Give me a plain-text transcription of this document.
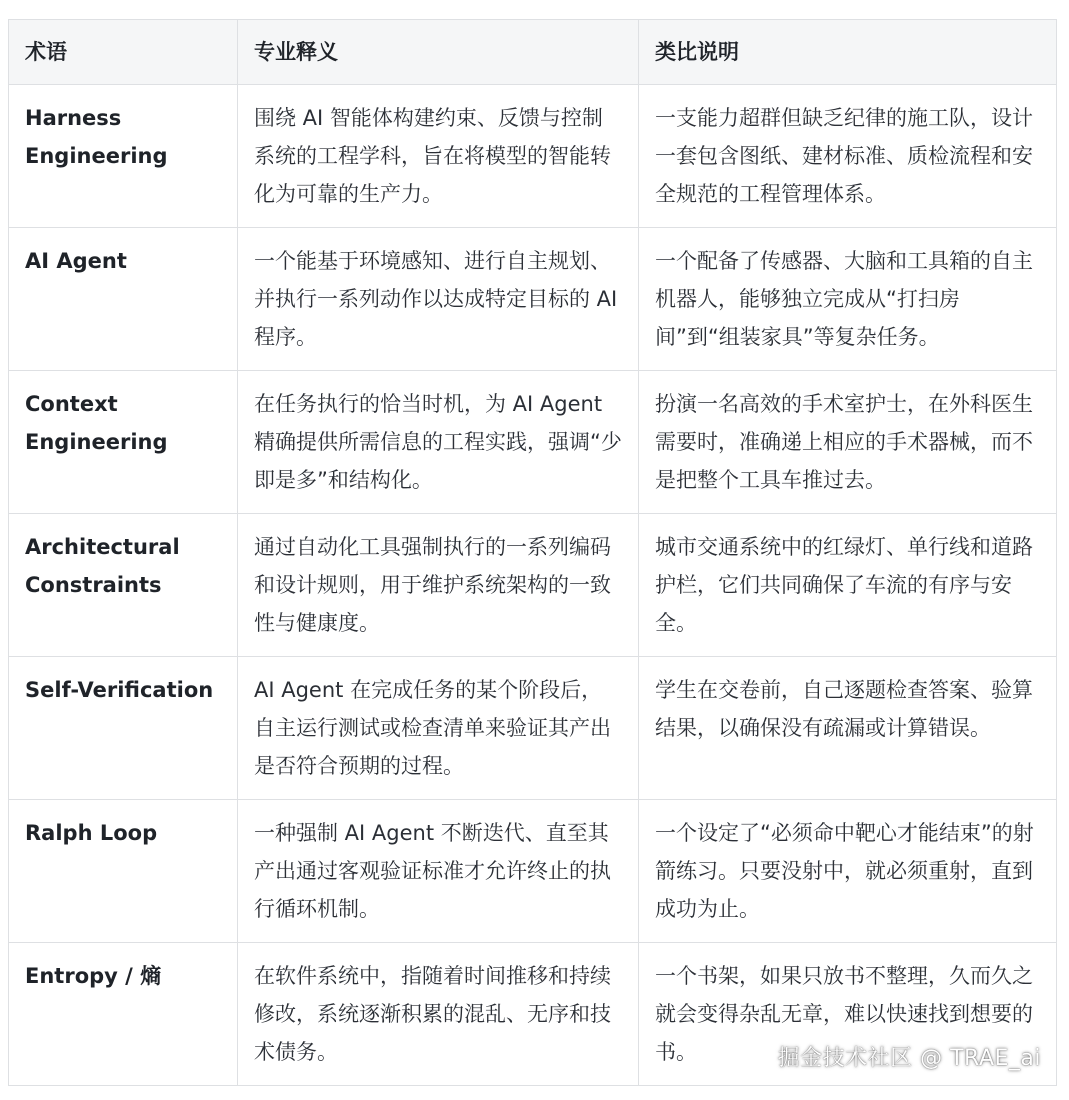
术语	专业释义	类比说明
Harness Engineering	围绕 AI 智能体构建约束、反馈与控制系统的工程学科，旨在将模型的智能转化为可靠的生产力。	一支能力超群但缺乏纪律的施工队，设计一套包含图纸、建材标准、质检流程和安全规范的工程管理体系。
AI Agent	一个能基于环境感知、进行自主规划、并执行一系列动作以达成特定目标的 AI 程序。	一个配备了传感器、大脑和工具箱的自主机器人，能够独立完成从“打扫房间”到“组装家具”等复杂任务。
Context Engineering	在任务执行的恰当时机，为 AI Agent 精确提供所需信息的工程实践，强调“少即是多”和结构化。	扮演一名高效的手术室护士，在外科医生需要时，准确递上相应的手术器械，而不是把整个工具车推过去。
Architectural Constraints	通过自动化工具强制执行的一系列编码和设计规则，用于维护系统架构的一致性与健康度。	城市交通系统中的红绿灯、单行线和道路护栏，它们共同确保了车流的有序与安全。
Self-Verification	AI Agent 在完成任务的某个阶段后，自主运行测试或检查清单来验证其产出是否符合预期的过程。	学生在交卷前，自己逐题检查答案、验算结果，以确保没有疏漏或计算错误。
Ralph Loop	一种强制 AI Agent 不断迭代、直至其产出通过客观验证标准才允许终止的执行循环机制。	一个设定了“必须命中靶心才能结束”的射箭练习。只要没射中，就必须重射，直到成功为止。
Entropy / 熵	在软件系统中，指随着时间推移和持续修改，系统逐渐积累的混乱、无序和技术债务。	一个书架，如果只放书不整理，久而久之就会变得杂乱无章，难以快速找到想要的书。	掘金技术社区 @ TRAE_ai
